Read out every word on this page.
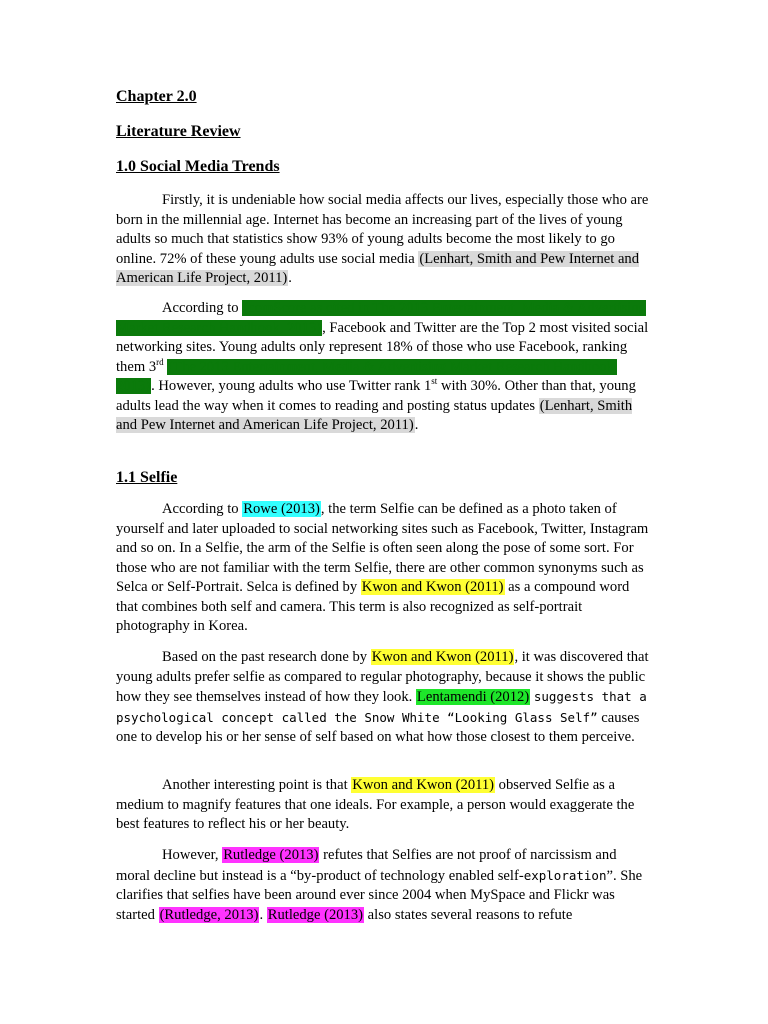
Chapter 2.0
Literature Review
1.0 Social Media Trends

Firstly, it is undeniable how social media affects our lives, especially those who are born in the millennial age. Internet has become an increasing part of the lives of young adults so much that statistics show 93% of young adults become the most likely to go online. 72% of these young adults use social media (Lenhart, Smith and Pew Internet and American Life Project, 2011).

According to (comScore as cited in The 2013 Entertainment, Media & Advertising Market Research Handbook, 2013), Facebook and Twitter are the Top 2 most visited social networking sites. Young adults only represent 18% of those who use Facebook, ranking them 3rd (The 2013 Entertainment, Media & Advertising Market Research Handbook, 2013). However, young adults who use Twitter rank 1st with 30%. Other than that, young adults lead the way when it comes to reading and posting status updates (Lenhart, Smith and Pew Internet and American Life Project, 2011).

1.1 Selfie

According to Rowe (2013), the term Selfie can be defined as a photo taken of yourself and later uploaded to social networking sites such as Facebook, Twitter, Instagram and so on. In a Selfie, the arm of the Selfie is often seen along the pose of some sort. For those who are not familiar with the term Selfie, there are other common synonyms such as Selca or Self-Portrait. Selca is defined by Kwon and Kwon (2011) as a compound word that combines both self and camera. This term is also recognized as self-portrait photography in Korea.

Based on the past research done by Kwon and Kwon (2011), it was discovered that young adults prefer selfie as compared to regular photography, because it shows the public how they see themselves instead of how they look. Lentamendi (2012) suggests that a psychological concept called the Snow White “Looking Glass Self” causes one to develop his or her sense of self based on what how those closest to them perceive.

Another interesting point is that Kwon and Kwon (2011) observed Selfie as a medium to magnify features that one ideals. For example, a person would exaggerate the best features to reflect his or her beauty.

However, Rutledge (2013) refutes that Selfies are not proof of narcissism and moral decline but instead is a “by-product of technology enabled self-exploration”. She clarifies that selfies have been around ever since 2004 when MySpace and Flickr was started (Rutledge, 2013). Rutledge (2013) also states several reasons to refute
